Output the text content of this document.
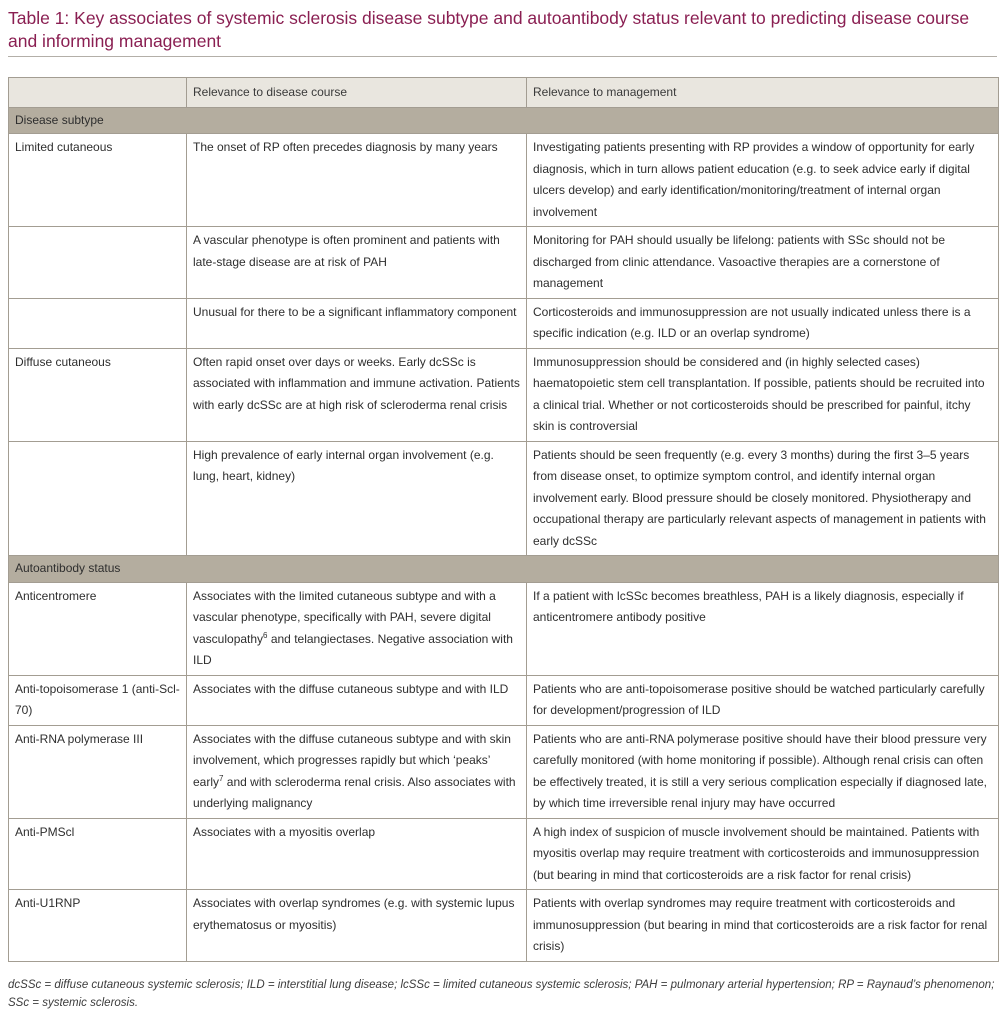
Table 1: Key associates of systemic sclerosis disease subtype and autoantibody status relevant to predicting disease course and informing management
	Relevance to disease course	Relevance to management
Disease subtype		
Limited cutaneous	The onset of RP often precedes diagnosis by many years	Investigating patients presenting with RP provides a window of opportunity for early diagnosis, which in turn allows patient education (e.g. to seek advice early if digital ulcers develop) and early identification/monitoring/treatment of internal organ involvement
	A vascular phenotype is often prominent and patients with late-stage disease are at risk of PAH	Monitoring for PAH should usually be lifelong: patients with SSc should not be discharged from clinic attendance. Vasoactive therapies are a cornerstone of management
	Unusual for there to be a significant inflammatory component	Corticosteroids and immunosuppression are not usually indicated unless there is a specific indication (e.g. ILD or an overlap syndrome)
Diffuse cutaneous	Often rapid onset over days or weeks. Early dcSSc is associated with inflammation and immune activation. Patients with early dcSSc are at high risk of scleroderma renal crisis	Immunosuppression should be considered and (in highly selected cases) haematopoietic stem cell transplantation. If possible, patients should be recruited into a clinical trial. Whether or not corticosteroids should be prescribed for painful, itchy skin is controversial
	High prevalence of early internal organ involvement (e.g. lung, heart, kidney)	Patients should be seen frequently (e.g. every 3 months) during the first 3–5 years from disease onset, to optimize symptom control, and identify internal organ involvement early. Blood pressure should be closely monitored. Physiotherapy and occupational therapy are particularly relevant aspects of management in patients with early dcSSc
Autoantibody status		
Anticentromere	Associates with the limited cutaneous subtype and with a vascular phenotype, specifically with PAH, severe digital vasculopathy$^6$ and telangiectases. Negative association with ILD	If a patient with lcSSc becomes breathless, PAH is a likely diagnosis, especially if anticentromere antibody positive
Anti-topoisomerase 1 (anti-Scl-70)	Associates with the diffuse cutaneous subtype and with ILD	Patients who are anti-topoisomerase positive should be watched particularly carefully for development/progression of ILD
Anti-RNA polymerase III	Associates with the diffuse cutaneous subtype and with skin involvement, which progresses rapidly but which ‘peaks’ early$^7$ and with scleroderma renal crisis. Also associates with underlying malignancy	Patients who are anti-RNA polymerase positive should have their blood pressure very carefully monitored (with home monitoring if possible). Although renal crisis can often be effectively treated, it is still a very serious complication especially if diagnosed late, by which time irreversible renal injury may have occurred
Anti-PMScl	Associates with a myositis overlap	A high index of suspicion of muscle involvement should be maintained. Patients with myositis overlap may require treatment with corticosteroids and immunosuppression (but bearing in mind that corticosteroids are a risk factor for renal crisis)
Anti-U1RNP	Associates with overlap syndromes (e.g. with systemic lupus erythematosus or myositis)	Patients with overlap syndromes may require treatment with corticosteroids and immunosuppression (but bearing in mind that corticosteroids are a risk factor for renal crisis)

dcSSc = diffuse cutaneous systemic sclerosis; ILD = interstitial lung disease; lcSSc = limited cutaneous systemic sclerosis; PAH = pulmonary arterial hypertension; RP = Raynaud’s phenomenon; SSc = systemic sclerosis.
